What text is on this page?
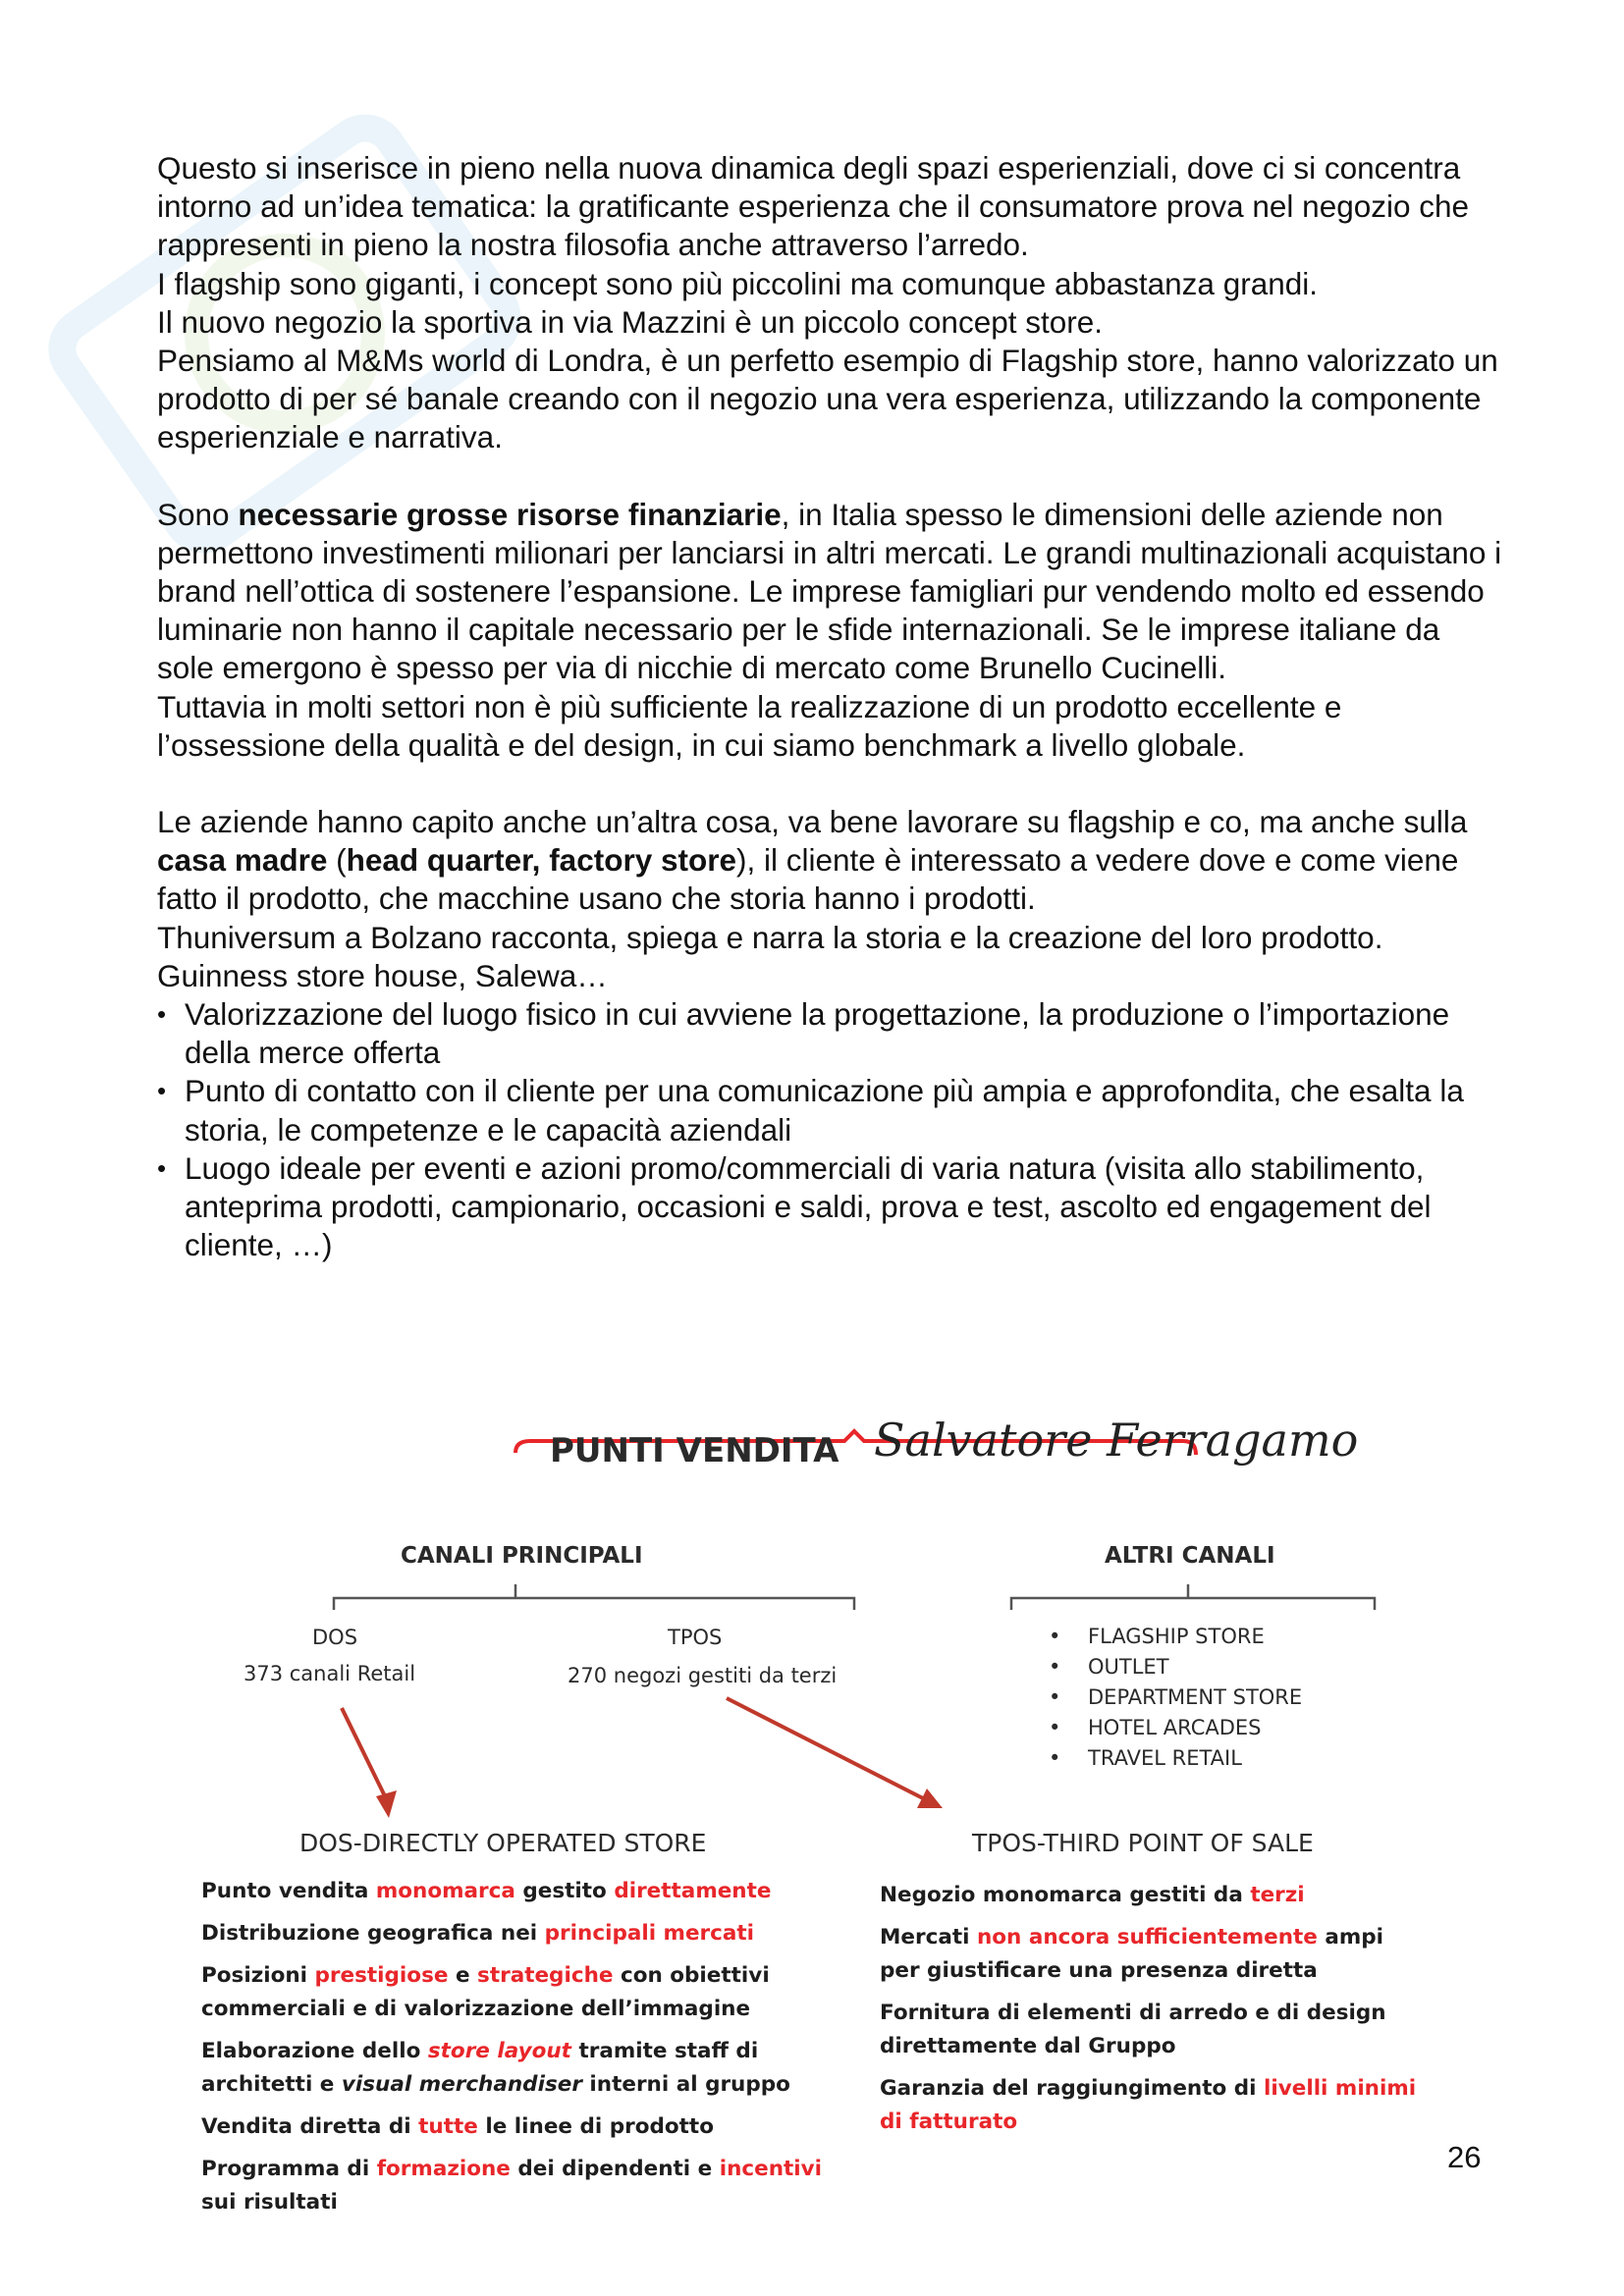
Questo si inserisce in pieno nella nuova dinamica degli spazi esperienziali, dove ci si concentra intorno ad un’idea tematica: la gratificante esperienza che il consumatore prova nel negozio che rappresenti in pieno la nostra filosofia anche attraverso l’arredo.

I flagship sono giganti, i concept sono più piccolini ma comunque abbastanza grandi.

Il nuovo negozio la sportiva in via Mazzini è un piccolo concept store.

Pensiamo al M&Ms world di Londra, è un perfetto esempio di Flagship store, hanno valorizzato un prodotto di per sé banale creando con il negozio una vera esperienza, utilizzando la componente esperienziale e narrativa.

Sono necessarie grosse risorse finanziarie, in Italia spesso le dimensioni delle aziende non permettono investimenti milionari per lanciarsi in altri mercati. Le grandi multinazionali acquistano i brand nell’ottica di sostenere l’espansione. Le imprese famigliari pur vendendo molto ed essendo luminarie non hanno il capitale necessario per le sfide internazionali. Se le imprese italiane da sole emergono è spesso per via di nicchie di mercato come Brunello Cucinelli.

Tuttavia in molti settori non è più sufficiente la realizzazione di un prodotto eccellente e l’ossessione della qualità e del design, in cui siamo benchmark a livello globale.

Le aziende hanno capito anche un’altra cosa, va bene lavorare su flagship e co, ma anche sulla casa madre (head quarter, factory store), il cliente è interessato a vedere dove e come viene fatto il prodotto, che macchine usano che storia hanno i prodotti.

Thuniversum a Bolzano racconta, spiega e narra la storia e la creazione del loro prodotto.

Guinness store house, Salewa…

• Valorizzazione del luogo fisico in cui avviene la progettazione, la produzione o l’importazione della merce offerta
• Punto di contatto con il cliente per una comunicazione più ampia e approfondita, che esalta la storia, le competenze e le capacità aziendali
• Luogo ideale per eventi e azioni promo/commerciali di varia natura (visita allo stabilimento, anteprima prodotti, campionario, occasioni e saldi, prova e test, ascolto ed engagement del cliente, …)
PUNTI VENDITA Salvatore Ferragamo
CANALI PRINCIPALI	ALTRI CANALI
DOS
373 canali Retail
TPOS
270 negozi gestiti da terzi
• FLAGSHIP STORE
• OUTLET
• DEPARTMENT STORE
• HOTEL ARCADES
• TRAVEL RETAIL
DOS-DIRECTLY OPERATED STORE	TPOS-THIRD POINT OF SALE

Punto vendita monomarca gestito direttamente

Distribuzione geografica nei principali mercati

Posizioni prestigiose e strategiche con obiettivi commerciali e di valorizzazione dell’immagine

Elaborazione dello store layout tramite staff di architetti e visual merchandiser interni al gruppo

Vendita diretta di tutte le linee di prodotto

Programma di formazione dei dipendenti e incentivi sui risultati

Negozio monomarca gestiti da terzi

Mercati non ancora sufficientemente ampi per giustificare una presenza diretta

Fornitura di elementi di arredo e di design direttamente dal Gruppo

Garanzia del raggiungimento di livelli minimi di fatturato

26
